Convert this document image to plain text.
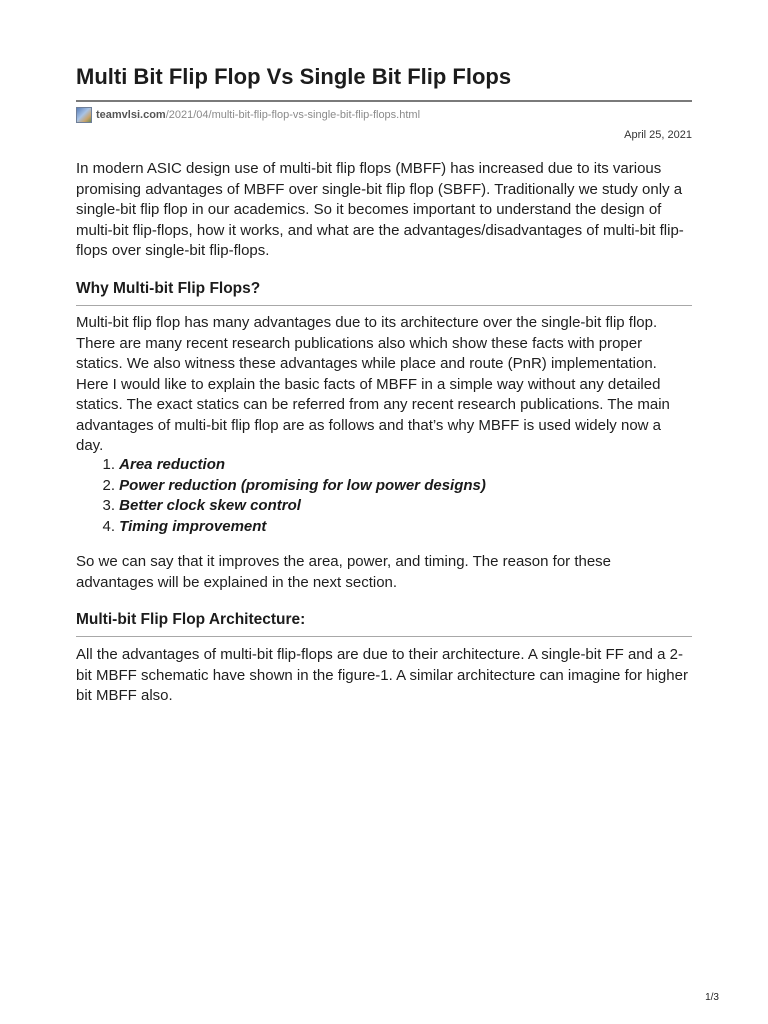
Multi Bit Flip Flop Vs Single Bit Flip Flops
teamvlsi.com /2021/04/multi-bit-flip-flop-vs-single-bit-flip-flops.html
April 25, 2021

In modern ASIC design use of multi-bit flip flops (MBFF) has increased due to its various promising advantages of MBFF over single-bit flip flop (SBFF). Traditionally we study only a single-bit flip flop in our academics. So it becomes important to understand the design of multi-bit flip-flops, how it works, and what are the advantages/disadvantages of multi-bit flip-flops over single-bit flip-flops.

Why Multi-bit Flip Flops?

Multi-bit flip flop has many advantages due to its architecture over the single-bit flip flop. There are many recent research publications also which show these facts with proper statics. We also witness these advantages while place and route (PnR) implementation. Here I would like to explain the basic facts of MBFF in a simple way without any detailed statics. The exact statics can be referred from any recent research publications. The main advantages of multi-bit flip flop are as follows and that’s why MBFF is used widely now a day.

1. Area reduction
2. Power reduction (promising for low power designs)
3. Better clock skew control
4. Timing improvement

So we can say that it improves the area, power, and timing. The reason for these advantages will be explained in the next section.

Multi-bit Flip Flop Architecture:

All the advantages of multi-bit flip-flops are due to their architecture. A single-bit FF and a 2-bit MBFF schematic have shown in the figure-1. A similar architecture can imagine for higher bit MBFF also.

1/3
